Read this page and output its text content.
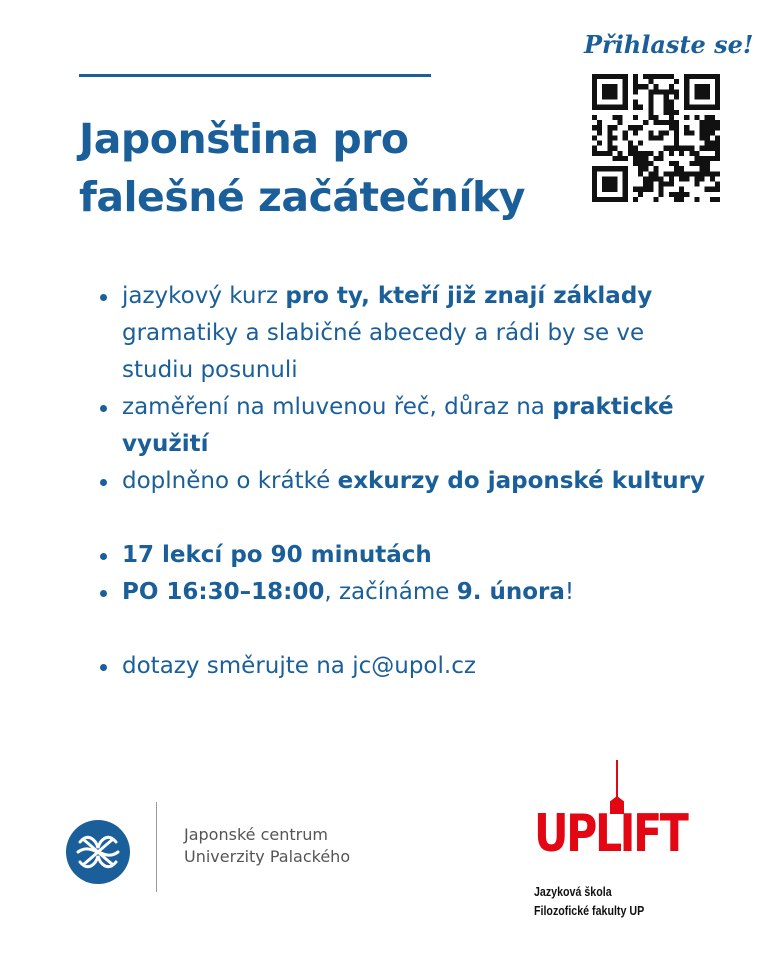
Japonština pro
falešné začátečníky
Přihlaste se!
jazykový kurz pro ty, kteří již znají základy gramatiky a slabičné abecedy a rádi by se ve studiu posunuli
zaměření na mluvenou řeč, důraz na praktické využití
doplněno o krátké exkurzy do japonské kultury
17 lekcí po 90 minutách
PO 16:30–18:00, začínáme 9. února!
dotazy směrujte na jc@upol.cz
Japonské centrum
Univerzity Palackého	UPLIFT
Jazyková škola
Filozofické fakulty UP
